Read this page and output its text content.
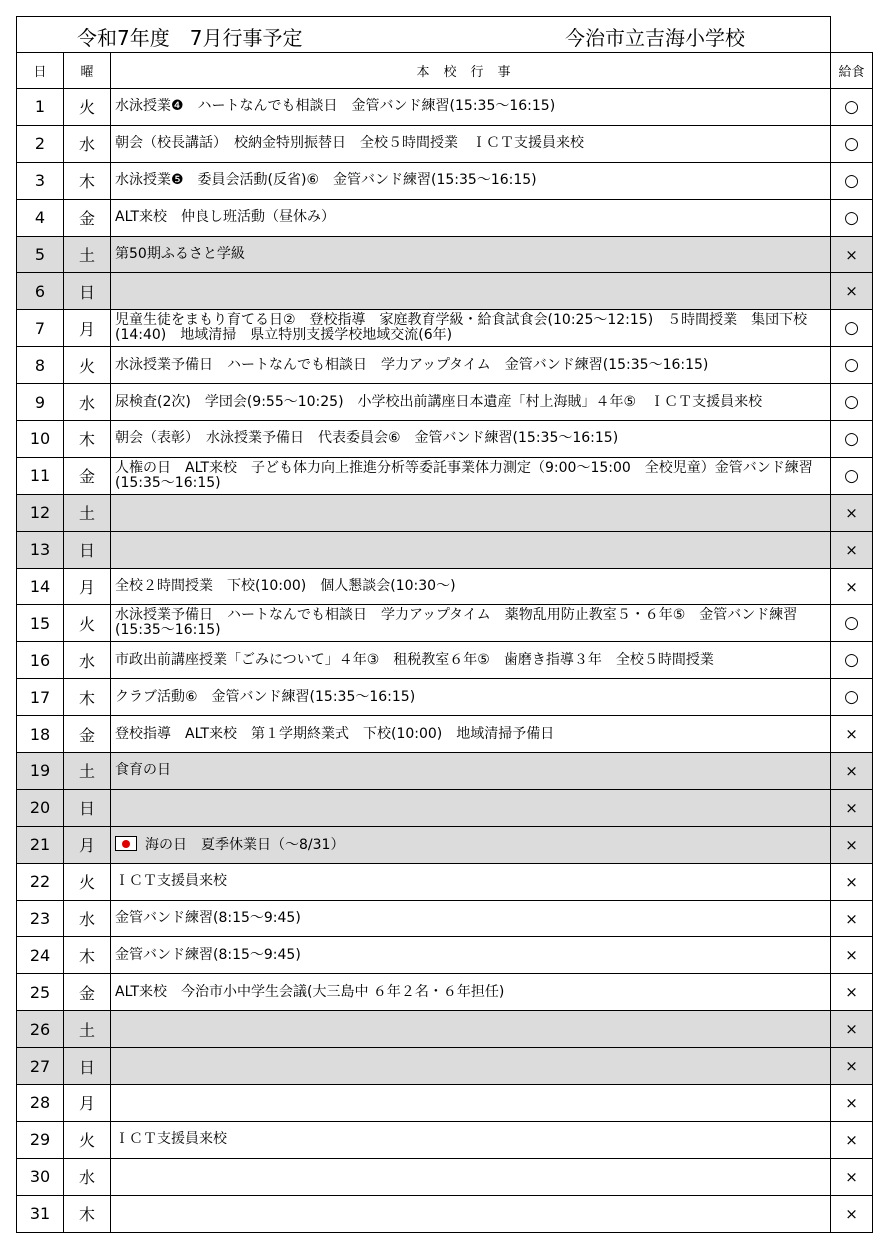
令和7年度　7月行事予定 今治市立吉海小学校			

日	曜	本校行事	給食
1	火	水泳授業❹　ハートなんでも相談日　金管バンド練習(15:35～16:15)	○
2	水	朝会（校長講話）　校納金特別振替日　全校５時間授業　ＩＣＴ支援員来校	○
3	木	水泳授業❺　委員会活動(反省)⑥　金管バンド練習(15:35～16:15)	○
4	金	ALT来校　仲良し班活動（昼休み）	○
5	土	第50期ふるさと学級	×
6	日		×
7	月	児童生徒をまもり育てる日②　登校指導　家庭教育学級・給食試食会(10:25～12:15)　５時間授業　集団下校(14:40)　地域清掃　県立特別支援学校地域交流(6年)	○
8	火	水泳授業予備日　ハートなんでも相談日　学力アップタイム　金管バンド練習(15:35～16:15)	○
9	水	尿検査(2次)　学団会(9:55～10:25)　小学校出前講座日本遺産「村上海賊」４年⑤　ＩＣＴ支援員来校	○
10	木	朝会（表彰）　水泳授業予備日　代表委員会⑥　金管バンド練習(15:35～16:15)	○
11	金	人権の日　ALT来校　子ども体力向上推進分析等委託事業体力測定（9:00～15:00　全校児童）金管バンド練習(15:35～16:15)	○
12	土		×
13	日		×
14	月	全校２時間授業　下校(10:00)　個人懇談会(10:30～)	×
15	火	水泳授業予備日　ハートなんでも相談日　学力アップタイム　薬物乱用防止教室５・６年⑤　金管バンド練習(15:35～16:15)	○
16	水	市政出前講座授業「ごみについて」４年③　租税教室６年⑤　歯磨き指導３年　全校５時間授業	○
17	木	クラブ活動⑥　金管バンド練習(15:35～16:15)	○
18	金	登校指導　ALT来校　第１学期終業式　下校(10:00)　地域清掃予備日	×
19	土	食育の日	×
20	日		×
21	月	海の日　夏季休業日（～8/31）	×
22	火	ＩＣＴ支援員来校	×
23	水	金管バンド練習(8:15～9:45)	×
24	木	金管バンド練習(8:15～9:45)	×
25	金	ALT来校　今治市小中学生会議(大三島中 ６年２名・６年担任)	×
26	土		×
27	日		×
28	月		×
29	火	ＩＣＴ支援員来校	×
30	水		×
31	木		×
